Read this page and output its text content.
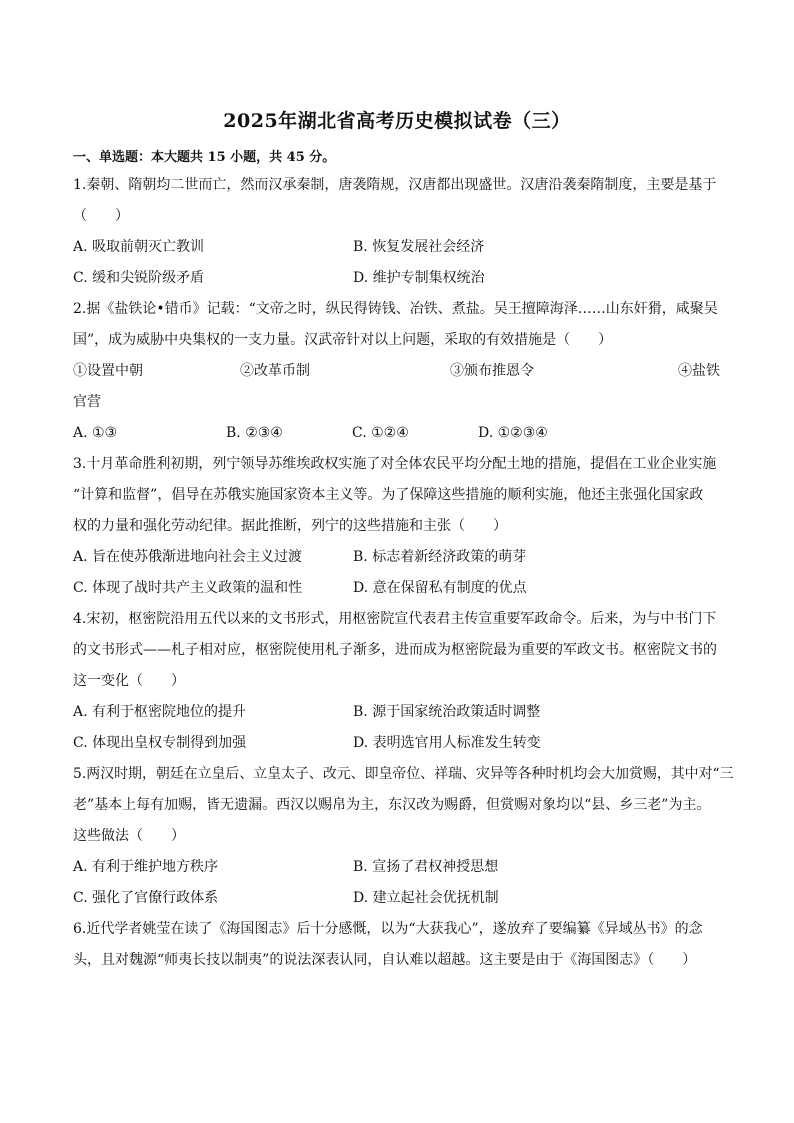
2025年湖北省高考历史模拟试卷（三）
一、单选题：本大题共 15 小题，共 45 分。
1.秦朝、隋朝均二世而亡，然而汉承秦制，唐袭隋规，汉唐都出现盛世。汉唐沿袭秦隋制度，主要是基于
（　　）
A. 吸取前朝灭亡教训	B. 恢复发展社会经济
C. 缓和尖锐阶级矛盾	D. 维护专制集权统治
2.据《盐铁论•错币》记载：“文帝之时，纵民得铸钱、冶铁、煮盐。吴王擅障海泽……山东奸猾，咸聚吴
国”，成为威胁中央集权的一支力量。汉武帝针对以上问题，采取的有效措施是（　　）
①设置中朝	②改革币制	③颁布推恩令	④盐铁
官营
A. ①③	B. ②③④	C. ①②④	D. ①②③④
3.十月革命胜利初期，列宁领导苏维埃政权实施了对全体农民平均分配土地的措施，提倡在工业企业实施
“计算和监督”，倡导在苏俄实施国家资本主义等。为了保障这些措施的顺利实施，他还主张强化国家政
权的力量和强化劳动纪律。据此推断，列宁的这些措施和主张（　　）
A. 旨在使苏俄渐进地向社会主义过渡	B. 标志着新经济政策的萌芽
C. 体现了战时共产主义政策的温和性	D. 意在保留私有制度的优点
4.宋初，枢密院沿用五代以来的文书形式，用枢密院宣代表君主传宣重要军政命令。后来，为与中书门下
的文书形式——札子相对应，枢密院使用札子渐多，进而成为枢密院最为重要的军政文书。枢密院文书的
这一变化（　　）
A. 有利于枢密院地位的提升	B. 源于国家统治政策适时调整
C. 体现出皇权专制得到加强	D. 表明选官用人标准发生转变
5.两汉时期，朝廷在立皇后、立皇太子、改元、即皇帝位、祥瑞、灾异等各种时机均会大加赏赐，其中对“三
老”基本上每有加赐，皆无遗漏。西汉以赐帛为主，东汉改为赐爵，但赏赐对象均以“县、乡三老”为主。
这些做法（　　）
A. 有利于维护地方秩序	B. 宣扬了君权神授思想
C. 强化了官僚行政体系	D. 建立起社会优抚机制
6.近代学者姚莹在读了《海国图志》后十分感慨，以为“大获我心”，遂放弃了要编纂《异域丛书》的念
头，且对魏源“师夷长技以制夷”的说法深表认同，自认难以超越。这主要是由于《海国图志》（　　）
